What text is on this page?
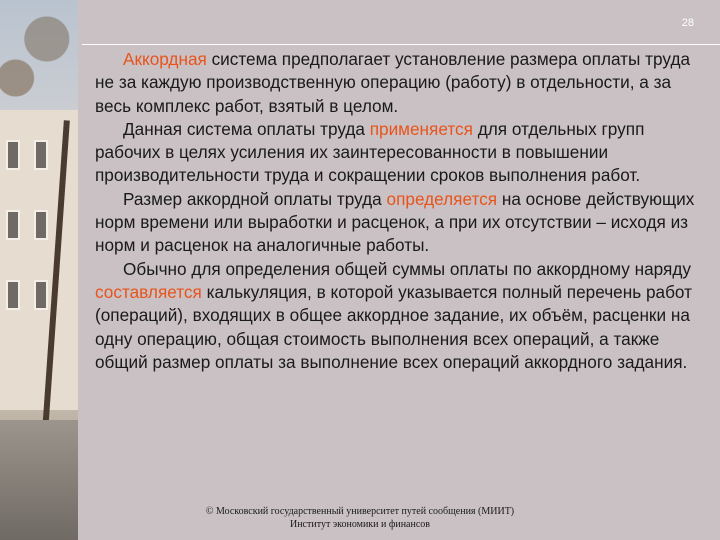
28

Аккордная система предполагает установление размера оплаты труда не за каждую производственную операцию (работу) в отдельности, а за весь комплекс работ, взятый в целом.

Данная система оплаты труда применяется для отдельных групп рабочих в целях усиления их заинтересованности в повышении производительности труда и сокращении сроков выполнения работ.

Размер аккордной оплаты труда определяется на основе действующих норм времени или выработки и расценок, а при их отсутствии – исходя из норм и расценок на аналогичные работы.

Обычно для определения общей суммы оплаты по аккордному наряду составляется калькуляция, в которой указывается полный перечень работ (операций), входящих в общее аккордное задание, их объём, расценки на одну операцию, общая стоимость выполнения всех операций, а также общий размер оплаты за выполнение всех операций аккордного задания.

© Московский государственный университет путей сообщения (МИИТ)
Институт экономики и финансов
